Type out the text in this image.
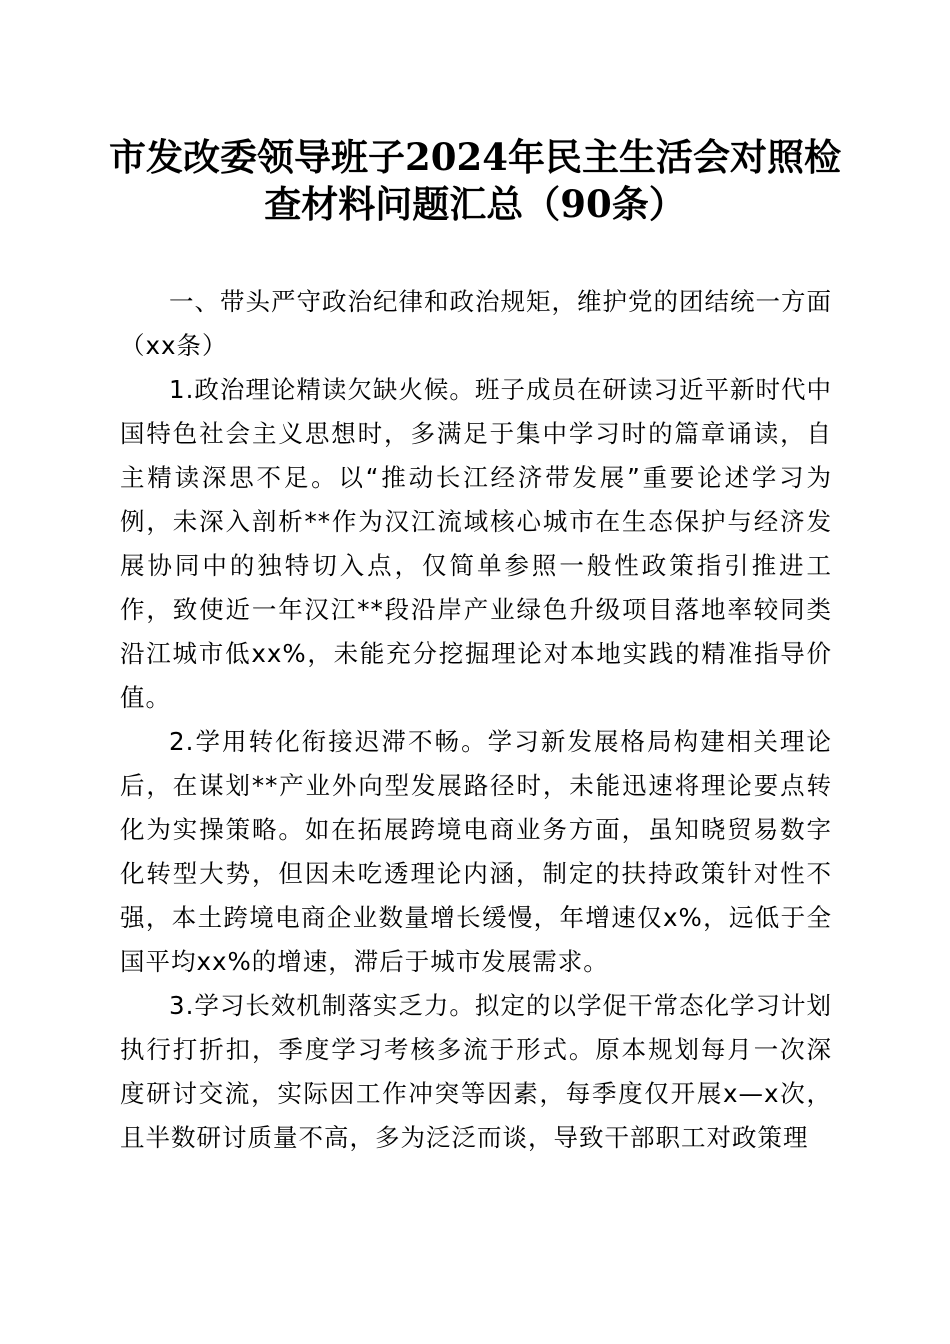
市发改委领导班子2024年民主生活会对照检
查材料问题汇总（90条）

一、带头严守政治纪律和政治规矩，维护党的团结统一方面（xx条）

1.政治理论精读欠缺火候。班子成员在研读习近平新时代中国特色社会主义思想时，多满足于集中学习时的篇章诵读，自主精读深思不足。以“推动长江经济带发展”重要论述学习为例，未深入剖析**作为汉江流域核心城市在生态保护与经济发展协同中的独特切入点，仅简单参照一般性政策指引推进工作，致使近一年汉江**段沿岸产业绿色升级项目落地率较同类沿江城市低xx%，未能充分挖掘理论对本地实践的精准指导价值。

2.学用转化衔接迟滞不畅。学习新发展格局构建相关理论后，在谋划**产业外向型发展路径时，未能迅速将理论要点转化为实操策略。如在拓展跨境电商业务方面，虽知晓贸易数字化转型大势，但因未吃透理论内涵，制定的扶持政策针对性不强，本土跨境电商企业数量增长缓慢，年增速仅x%，远低于全国平均xx%的增速，滞后于城市发展需求。

3.学习长效机制落实乏力。拟定的以学促干常态化学习计划执行打折扣，季度学习考核多流于形式。原本规划每月一次深度研讨交流，实际因工作冲突等因素，每季度仅开展x—x次，且半数研讨质量不高，多为泛泛而谈，导致干部职工对政策理
